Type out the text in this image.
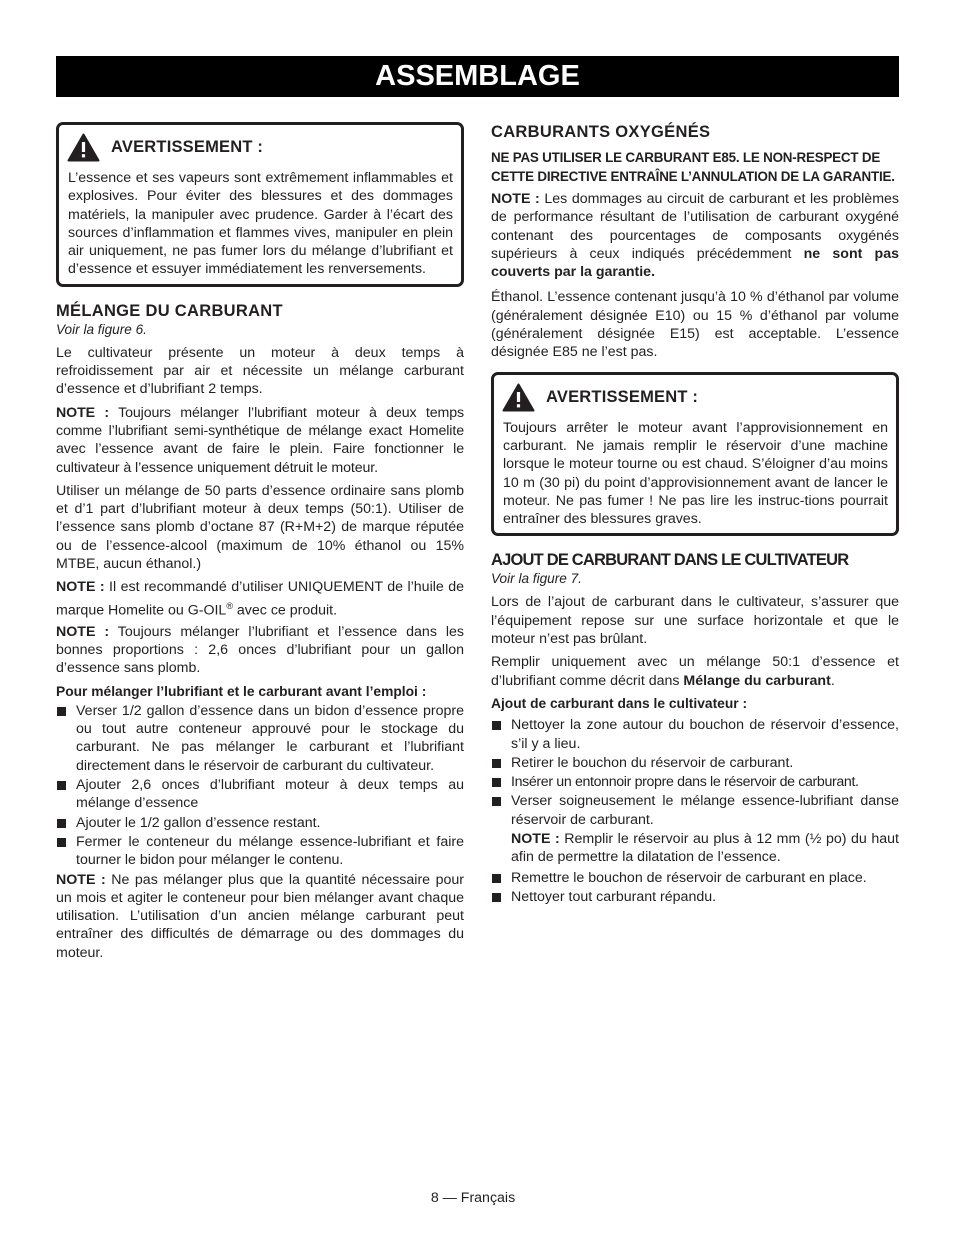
ASSEMBLAGE
AVERTISSEMENT :
L’essence et ses vapeurs sont extrêmement inflammables et explosives. Pour éviter des blessures et des dommages matériels, la manipuler avec prudence. Garder à l’écart des sources d’inflammation et flammes vives, manipuler en plein air uniquement, ne pas fumer lors du mélange d’lubrifiant et d’essence et essuyer immédiatement les renversements.
MÉLANGE DU CARBURANT
Voir la figure 6.

Le cultivateur présente un moteur à deux temps à refroidissement par air et nécessite un mélange carburant d’essence et d’lubrifiant 2 temps.

NOTE : Toujours mélanger l’lubrifiant moteur à deux temps comme l’lubrifiant semi-synthétique de mélange exact Homelite avec l’essence avant de faire le plein. Faire fonctionner le cultivateur à l’essence uniquement détruit le moteur.

Utiliser un mélange de 50 parts d’essence ordinaire sans plomb et d’1 part d’lubrifiant moteur à deux temps (50:1). Utiliser de l’essence sans plomb d’octane 87 (R+M+2) de marque réputée ou de l’essence-alcool (maximum de 10% éthanol ou 15% MTBE, aucun éthanol.)

NOTE : Il est recommandé d’utiliser UNIQUEMENT de l’huile de marque Homelite ou G-OIL® avec ce produit.

NOTE : Toujours mélanger l’lubrifiant et l’essence dans les bonnes proportions : 2,6 onces d’lubrifiant pour un gallon d’essence sans plomb.

Pour mélanger l’lubrifiant et le carburant avant l’emploi :
Verser 1/2 gallon d’essence dans un bidon d’essence propre ou tout autre conteneur approuvé pour le stockage du carburant. Ne pas mélanger le carburant et l’lubrifiant directement dans le réservoir de carburant du cultivateur.
Ajouter 2,6 onces d’lubrifiant moteur à deux temps au mélange d’essence
Ajouter le 1/2 gallon d’essence restant.
Fermer le conteneur du mélange essence-lubrifiant et faire tourner le bidon pour mélanger le contenu.

NOTE : Ne pas mélanger plus que la quantité nécessaire pour un mois et agiter le conteneur pour bien mélanger avant chaque utilisation. L’utilisation d’un ancien mélange carburant peut entraîner des difficultés de démarrage ou des dommages du moteur.

CARBURANTS OXYGÉNÉS
NE PAS UTILISER LE CARBURANT E85. LE NON-RESPECT DE CETTE DIRECTIVE ENTRAÎNE L’ANNULATION DE LA GARANTIE.

NOTE : Les dommages au circuit de carburant et les problèmes de performance résultant de l’utilisation de carburant oxygéné contenant des pourcentages de composants oxygénés supérieurs à ceux indiqués précédemment ne sont pas couverts par la garantie.

Éthanol. L’essence contenant jusqu’à 10 % d’éthanol par volume (généralement désignée E10) ou 15 % d’éthanol par volume (généralement désignée E15) est acceptable. L’essence désignée E85 ne l’est pas.

AVERTISSEMENT :
Toujours arrêter le moteur avant l’approvisionnement en carburant. Ne jamais remplir le réservoir d’une machine lorsque le moteur tourne ou est chaud. S’éloigner d’au moins 10 m (30 pi) du point d’approvisionnement avant de lancer le moteur. Ne pas fumer ! Ne pas lire les instruc-tions pourrait entraîner des blessures graves.
AJOUT DE CARBURANT DANS LE CULTIVATEUR
Voir la figure 7.

Lors de l’ajout de carburant dans le cultivateur, s’assurer que l’équipement repose sur une surface horizontale et que le moteur n’est pas brûlant.

Remplir uniquement avec un mélange 50:1 d’essence et d’lubrifiant comme décrit dans Mélange du carburant.

Ajout de carburant dans le cultivateur :
Nettoyer la zone autour du bouchon de réservoir d’essence, s’il y a lieu.
Retirer le bouchon du réservoir de carburant.
Insérer un entonnoir propre dans le réservoir de carburant.
Verser soigneusement le mélange essence-lubrifiant danse réservoir de carburant.
NOTE : Remplir le réservoir au plus à 12 mm (½ po) du haut afin de permettre la dilatation de l’essence.
Remettre le bouchon de réservoir de carburant en place.
Nettoyer tout carburant répandu.
8 — Français
